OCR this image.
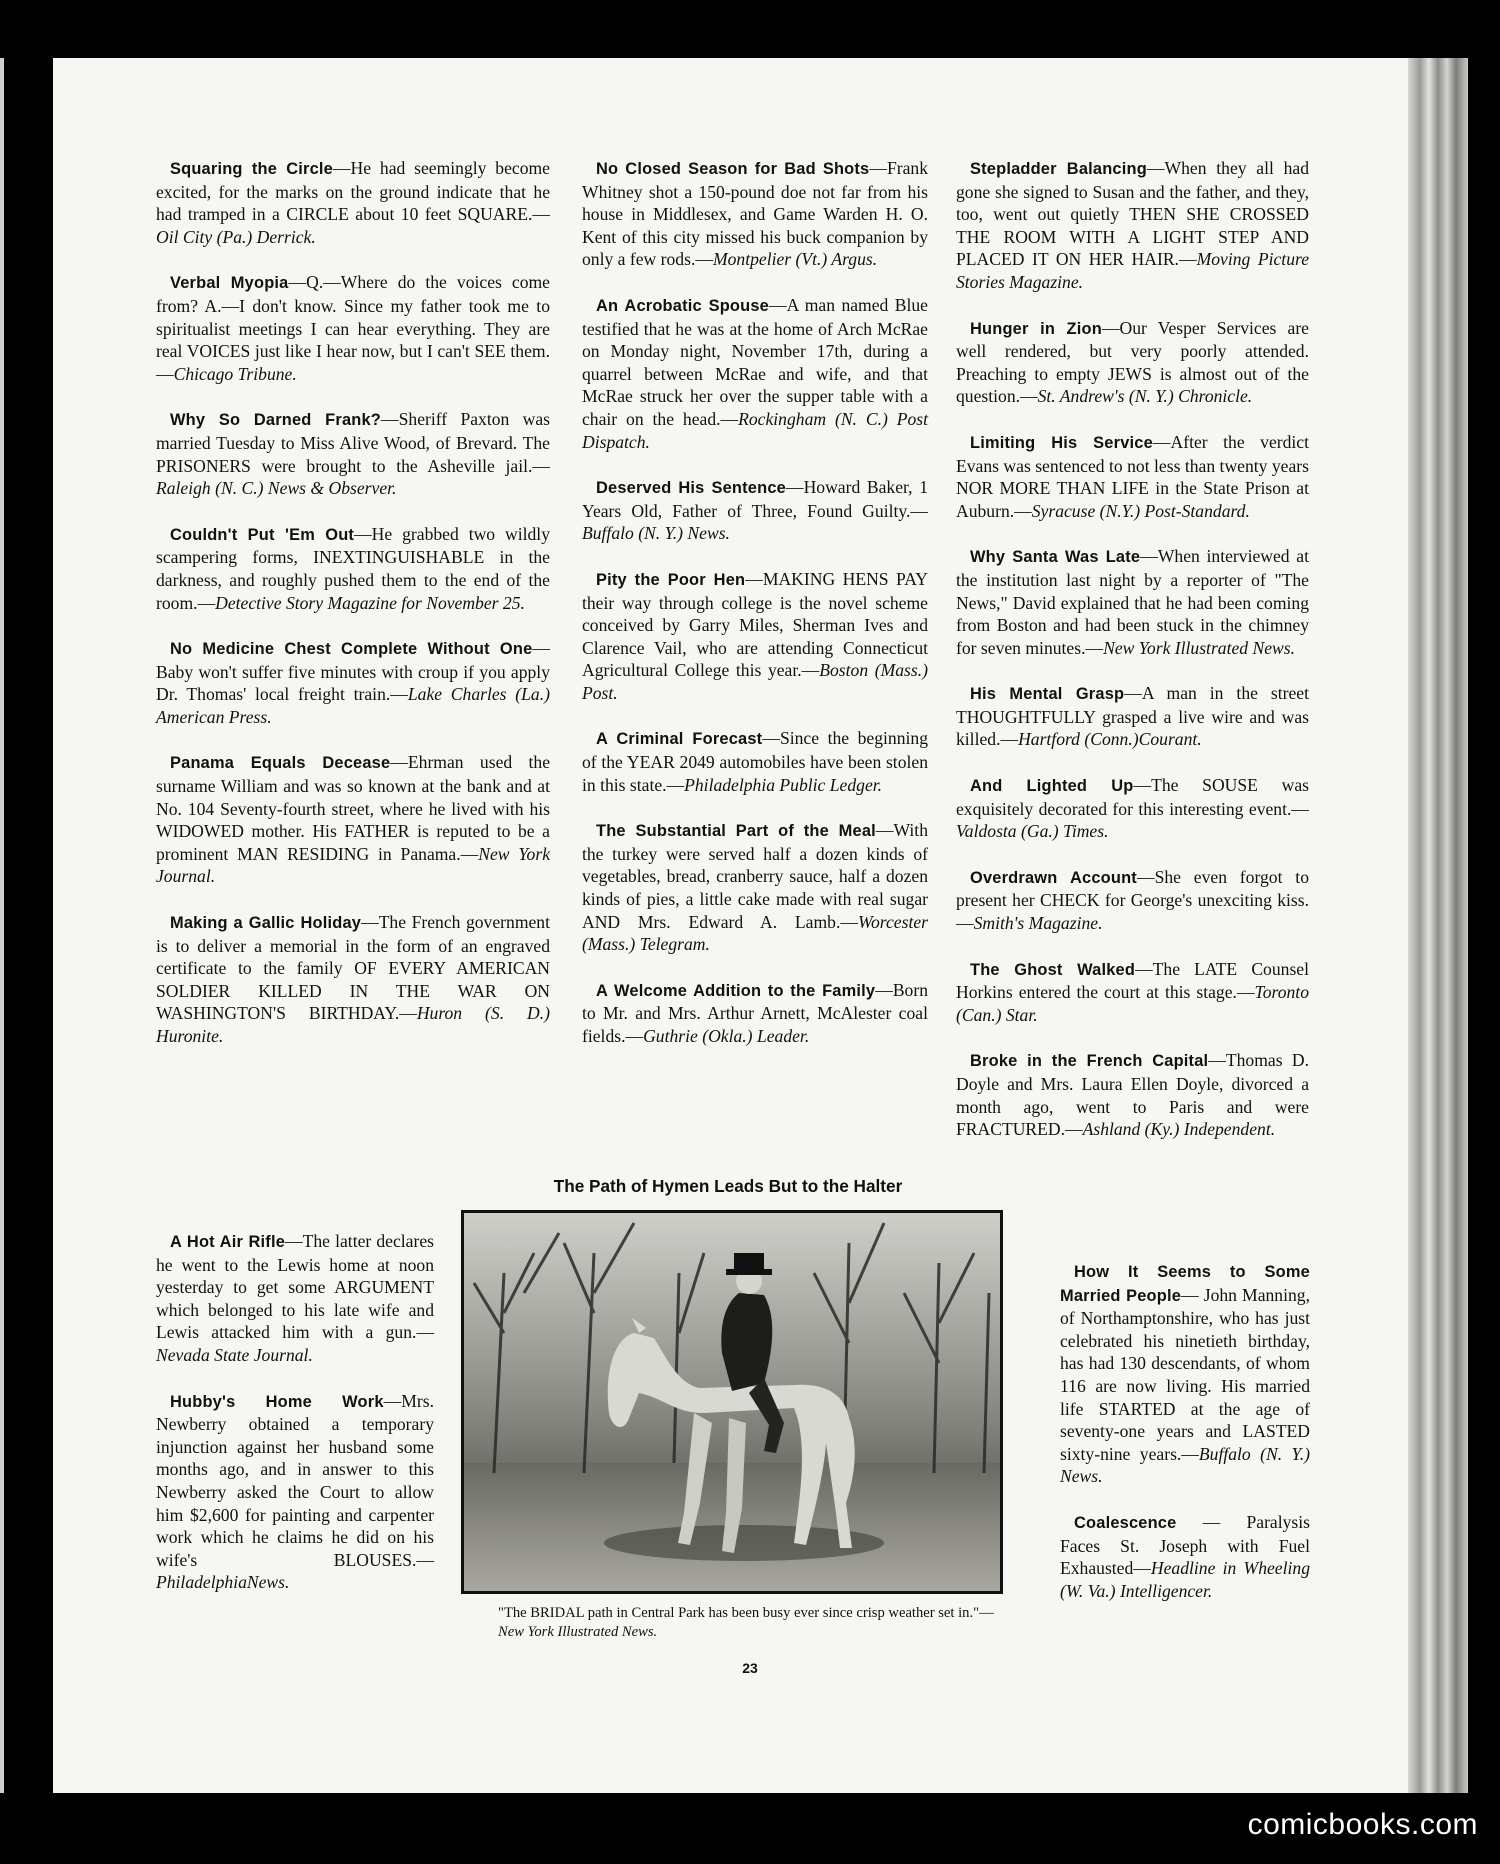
Squaring the Circle—He had seemingly become excited, for the marks on the ground indicate that he had tramped in a CIRCLE about 10 feet SQUARE.—Oil City (Pa.) Derrick.

Verbal Myopia—Q.—Where do the voices come from? A.—I don't know. Since my father took me to spiritualist meetings I can hear everything. They are real VOICES just like I hear now, but I can't SEE them.—Chicago Tribune.

Why So Darned Frank?—Sheriff Paxton was married Tuesday to Miss Alive Wood, of Brevard. The PRISONERS were brought to the Asheville jail.—Raleigh (N. C.) News & Observer.

Couldn't Put 'Em Out—He grabbed two wildly scampering forms, INEXTINGUISHABLE in the darkness, and roughly pushed them to the end of the room.—Detective Story Magazine for November 25.

No Medicine Chest Complete Without One—Baby won't suffer five minutes with croup if you apply Dr. Thomas' local freight train.—Lake Charles (La.) American Press.

Panama Equals Decease—Ehrman used the surname William and was so known at the bank and at No. 104 Seventy-fourth street, where he lived with his WIDOWED mother. His FATHER is reputed to be a prominent MAN RESIDING in Panama.—New York Journal.

Making a Gallic Holiday—The French government is to deliver a memorial in the form of an engraved certificate to the family OF EVERY AMERICAN SOLDIER KILLED IN THE WAR ON WASHINGTON'S BIRTHDAY.—Huron (S. D.) Huronite.

No Closed Season for Bad Shots—Frank Whitney shot a 150-pound doe not far from his house in Middlesex, and Game Warden H. O. Kent of this city missed his buck companion by only a few rods.—Montpelier (Vt.) Argus.

An Acrobatic Spouse—A man named Blue testified that he was at the home of Arch McRae on Monday night, November 17th, during a quarrel between McRae and wife, and that McRae struck her over the supper table with a chair on the head.—Rockingham (N. C.) Post Dispatch.

Deserved His Sentence—Howard Baker, 1 Years Old, Father of Three, Found Guilty.—Buffalo (N. Y.) News.

Pity the Poor Hen—MAKING HENS PAY their way through college is the novel scheme conceived by Garry Miles, Sherman Ives and Clarence Vail, who are attending Connecticut Agricultural College this year.—Boston (Mass.) Post.

A Criminal Forecast—Since the beginning of the YEAR 2049 automobiles have been stolen in this state.—Philadelphia Public Ledger.

The Substantial Part of the Meal—With the turkey were served half a dozen kinds of vegetables, bread, cranberry sauce, half a dozen kinds of pies, a little cake made with real sugar AND Mrs. Edward A. Lamb.—Worcester (Mass.) Telegram.

A Welcome Addition to the Family—Born to Mr. and Mrs. Arthur Arnett, McAlester coal fields.—Guthrie (Okla.) Leader.

Stepladder Balancing—When they all had gone she signed to Susan and the father, and they, too, went out quietly THEN SHE CROSSED THE ROOM WITH A LIGHT STEP AND PLACED IT ON HER HAIR.—Moving Picture Stories Magazine.

Hunger in Zion—Our Vesper Services are well rendered, but very poorly attended. Preaching to empty JEWS is almost out of the question.—St. Andrew's (N. Y.) Chronicle.

Limiting His Service—After the verdict Evans was sentenced to not less than twenty years NOR MORE THAN LIFE in the State Prison at Auburn.—Syracuse (N.Y.) Post-Standard.

Why Santa Was Late—When interviewed at the institution last night by a reporter of "The News," David explained that he had been coming from Boston and had been stuck in the chimney for seven minutes.—New York Illustrated News.

His Mental Grasp—A man in the street THOUGHTFULLY grasped a live wire and was killed.—Hartford (Conn.)Courant.

And Lighted Up—The SOUSE was exquisitely decorated for this interesting event.—Valdosta (Ga.) Times.

Overdrawn Account—She even forgot to present her CHECK for George's unexciting kiss.—Smith's Magazine.

The Ghost Walked—The LATE Counsel Horkins entered the court at this stage.—Toronto (Can.) Star.

Broke in the French Capital—Thomas D. Doyle and Mrs. Laura Ellen Doyle, divorced a month ago, went to Paris and were FRACTURED.—Ashland (Ky.) Independent.

A Hot Air Rifle—The latter declares he went to the Lewis home at noon yesterday to get some ARGUMENT which belonged to his late wife and Lewis attacked him with a gun.—Nevada State Journal.

Hubby's Home Work—Mrs. Newberry obtained a temporary injunction against her husband some months ago, and in answer to this Newberry asked the Court to allow him $2,600 for painting and carpenter work which he claims he did on his wife's BLOUSES.—PhiladelphiaNews.

How It Seems to Some Married People— John Manning, of Northamptonshire, who has just celebrated his ninetieth birthday, has had 130 descendants, of whom 116 are now living. His married life STARTED at the age of seventy-one years and LASTED sixty-nine years.—Buffalo (N. Y.) News.

Coalescence — Paralysis Faces St. Joseph with Fuel Exhausted—Headline in Wheeling (W. Va.) Intelligencer.

The Path of Hymen Leads But to the Halter
"The BRIDAL path in Central Park has been busy ever since crisp weather set in."—New York Illustrated News.
23
comicbooks.com
